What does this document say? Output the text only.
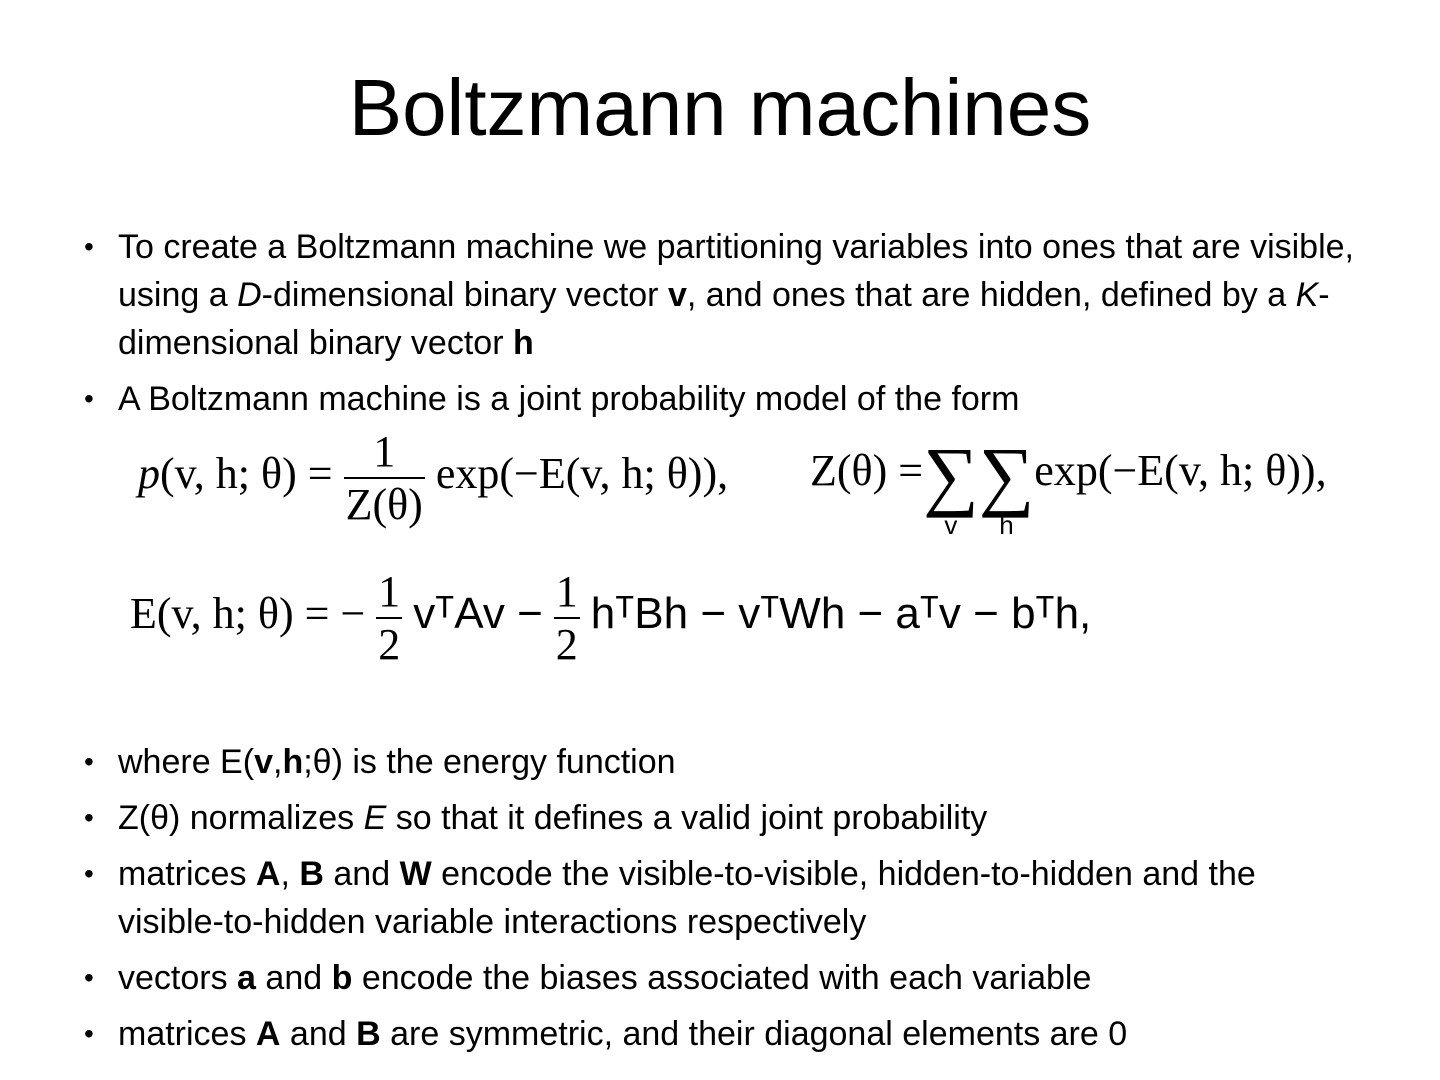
Boltzmann machines
• To create a Boltzmann machine we partitioning variables into ones that are visible, using a D-dimensional binary vector v, and ones that are hidden, defined by a K-dimensional binary vector h
• A Boltzmann machine is a joint probability model of the form
p(v, h; $\theta) = \frac{1}{Z(\theta)} \exp(-E(v$, h; θ)), Z(θ) =∑
v
∑
h
exp(−E(v, h; θ)),
E(v, h; θ) = − $\frac{1}{2}$ vᵀAv − $\frac{1}{2}$ hᵀBh − vᵀWh − aᵀv − bᵀh,
• where E(v,h;θ) is the energy function
• Z(θ) normalizes E so that it defines a valid joint probability
• matrices A, B and W encode the visible-to-visible, hidden-to-hidden and the visible-to-hidden variable interactions respectively
• vectors a and b encode the biases associated with each variable
• matrices A and B are symmetric, and their diagonal elements are 0
